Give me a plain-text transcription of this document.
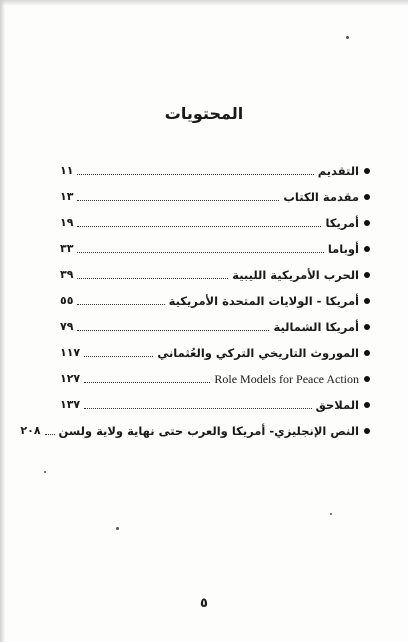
المحتويات
التقديم
١١
مقدمة الكتاب
١٣
أمريكا
١٩
أوباما
٣٣
الحرب الأمريكية الليبية
٣٩
أمريكا - الولايات المتحدة الأمريكية
٥٥
أمريكا الشمالية
٧٩
الموروث التاريخي التركي والعُثماني
١١٧
Role Models for Peace Action
١٢٧
الملاحق
١٣٧
النص الإنجليزي- أمريكا والعرب حتى نهاية ولاية ولسن
٢٠٨
٥
